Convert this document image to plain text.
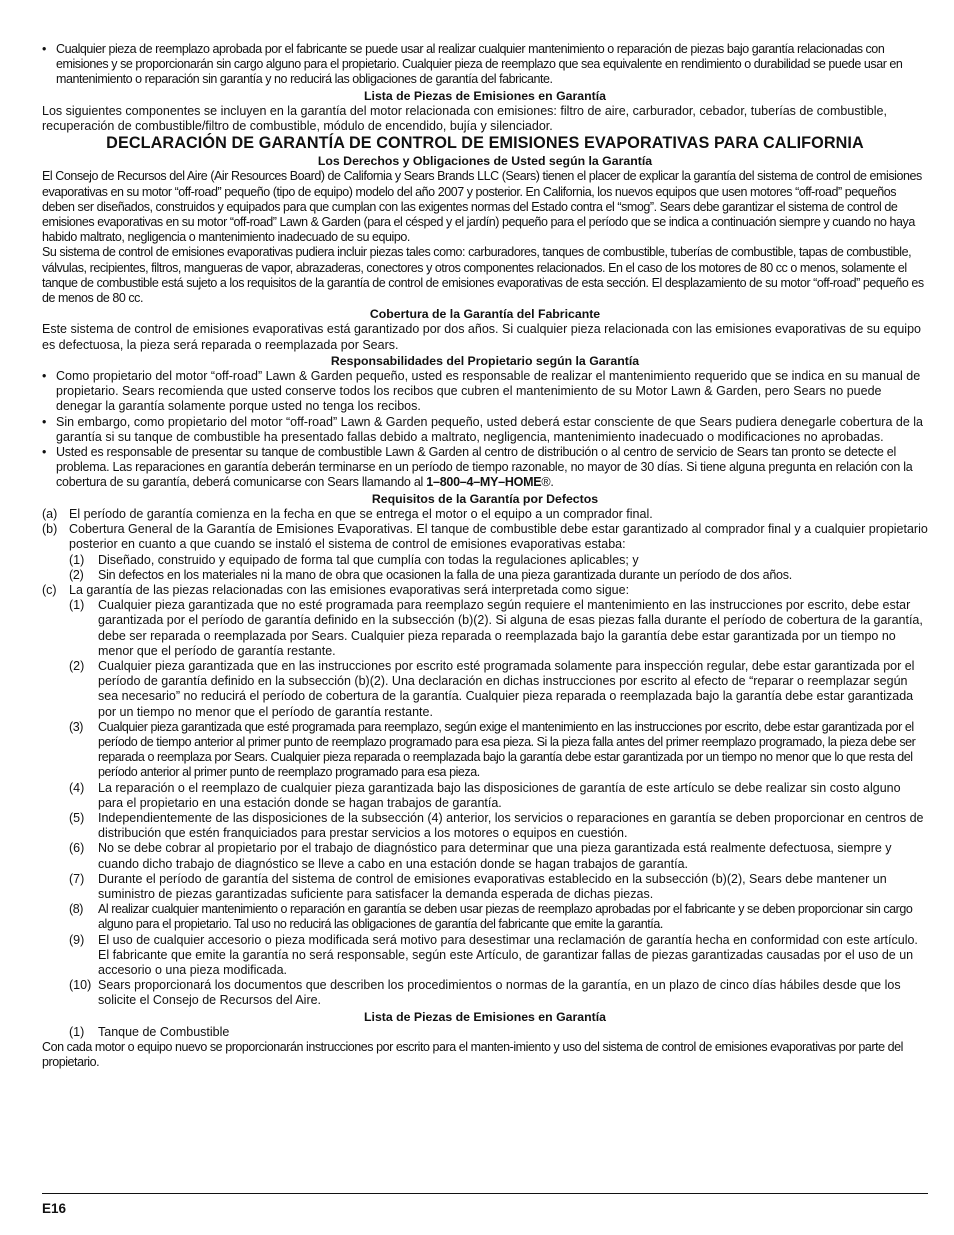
• Cualquier pieza de reemplazo aprobada por el fabricante se puede usar al realizar cualquier mantenimiento o reparación de piezas bajo garantía relacionadas con emisiones y se proporcionarán sin cargo alguno para el propietario. Cualquier pieza de reemplazo que sea equivalente en rendimiento o durabilidad se puede usar en mantenimiento o reparación sin garantía y no reducirá las obligaciones de garantía del fabricante.

Lista de Piezas de Emisiones en Garantía

Los siguientes componentes se incluyen en la garantía del motor relacionada con emisiones: filtro de aire, carburador, cebador, tuberías de combustible, recuperación de combustible/filtro de combustible, módulo de encendido, bujía y silenciador.

DECLARACIÓN DE GARANTÍA DE CONTROL DE EMISIONES EVAPORATIVAS PARA CALIFORNIA

Los Derechos y Obligaciones de Usted según la Garantía

El Consejo de Recursos del Aire (Air Resources Board) de California y Sears Brands LLC (Sears) tienen el placer de explicar la garantía del sistema de control de emisiones evaporativas en su motor “off-road” pequeño (tipo de equipo) modelo del año 2007 y posterior. En California, los nuevos equipos que usen motores “off-road” pequeños deben ser diseñados, construidos y equipados para que cumplan con las exigentes normas del Estado contra el “smog”. Sears debe garantizar el sistema de control de emisiones evaporativas en su motor “off-road” Lawn & Garden (para el césped y el jardín) pequeño para el período que se indica a continuación siempre y cuando no haya habido maltrato, negligencia o mantenimiento inadecuado de su equipo.

Su sistema de control de emisiones evaporativas pudiera incluir piezas tales como: carburadores, tanques de combustible, tuberías de combustible, tapas de combustible, válvulas, recipientes, filtros, mangueras de vapor, abrazaderas, conectores y otros componentes relacionados. En el caso de los motores de 80 cc o menos, solamente el tanque de combustible está sujeto a los requisitos de la garantía de control de emisiones evaporativas de esta sección. El desplazamiento de su motor “off-road” pequeño es de menos de 80 cc.

Cobertura de la Garantía del Fabricante

Este sistema de control de emisiones evaporativas está garantizado por dos años. Si cualquier pieza relacionada con las emisiones evaporativas de su equipo es defectuosa, la pieza será reparada o reemplazada por Sears.

Responsabilidades del Propietario según la Garantía

• Como propietario del motor “off-road” Lawn & Garden pequeño, usted es responsable de realizar el mantenimiento requerido que se indica en su manual de propietario. Sears recomienda que usted conserve todos los recibos que cubren el mantenimiento de su Motor Lawn & Garden, pero Sears no puede denegar la garantía solamente porque usted no tenga los recibos.

• Sin embargo, como propietario del motor “off-road” Lawn & Garden pequeño, usted deberá estar consciente de que Sears pudiera denegarle cobertura de la garantía si su tanque de combustible ha presentado fallas debido a maltrato, negligencia, mantenimiento inadecuado o modificaciones no aprobadas.

• Usted es responsable de presentar su tanque de combustible Lawn & Garden al centro de distribución o al centro de servicio de Sears tan pronto se detecte el problema. Las reparaciones en garantía deberán terminarse en un período de tiempo razonable, no mayor de 30 días. Si tiene alguna pregunta en relación con la cobertura de su garantía, deberá comunicarse con Sears llamando al 1–800–4–MY–HOME®.

Requisitos de la Garantía por Defectos

(a) El período de garantía comienza en la fecha en que se entrega el motor o el equipo a un comprador final.

(b) Cobertura General de la Garantía de Emisiones Evaporativas. El tanque de combustible debe estar garantizado al comprador final y a cualquier propietario posterior en cuanto a que cuando se instaló el sistema de control de emisiones evaporativas estaba:

(1) Diseñado, construido y equipado de forma tal que cumplía con todas la regulaciones aplicables; y

(2) Sin defectos en los materiales ni la mano de obra que ocasionen la falla de una pieza garantizada durante un período de dos años.

(c) La garantía de las piezas relacionadas con las emisiones evaporativas será interpretada como sigue:

(1) Cualquier pieza garantizada que no esté programada para reemplazo según requiere el mantenimiento en las instrucciones por escrito, debe estar garantizada por el período de garantía definido en la subsección (b)(2). Si alguna de esas piezas falla durante el período de cobertura de la garantía, debe ser reparada o reemplazada por Sears. Cualquier pieza reparada o reemplazada bajo la garantía debe estar garantizada por un tiempo no menor que el período de garantía restante.

(2) Cualquier pieza garantizada que en las instrucciones por escrito esté programada solamente para inspección regular, debe estar garantizada por el período de garantía definido en la subsección (b)(2). Una declaración en dichas instrucciones por escrito al efecto de “reparar o reemplazar según sea necesario” no reducirá el período de cobertura de la garantía. Cualquier pieza reparada o reemplazada bajo la garantía debe estar garantizada por un tiempo no menor que el período de garantía restante.

(3) Cualquier pieza garantizada que esté programada para reemplazo, según exige el mantenimiento en las instrucciones por escrito, debe estar garantizada por el período de tiempo anterior al primer punto de reemplazo programado para esa pieza. Si la pieza falla antes del primer reemplazo programado, la pieza debe ser reparada o reemplaza por Sears. Cualquier pieza reparada o reemplazada bajo la garantía debe estar garantizada por un tiempo no menor que lo que resta del período anterior al primer punto de reemplazo programado para esa pieza.

(4) La reparación o el reemplazo de cualquier pieza garantizada bajo las disposiciones de garantía de este artículo se debe realizar sin costo alguno para el propietario en una estación donde se hagan trabajos de garantía.

(5) Independientemente de las disposiciones de la subsección (4) anterior, los servicios o reparaciones en garantía se deben proporcionar en centros de distribución que estén franquiciados para prestar servicios a los motores o equipos en cuestión.

(6) No se debe cobrar al propietario por el trabajo de diagnóstico para determinar que una pieza garantizada está realmente defectuosa, siempre y cuando dicho trabajo de diagnóstico se lleve a cabo en una estación donde se hagan trabajos de garantía.

(7) Durante el período de garantía del sistema de control de emisiones evaporativas establecido en la subsección (b)(2), Sears debe mantener un suministro de piezas garantizadas suficiente para satisfacer la demanda esperada de dichas piezas.

(8) Al realizar cualquier mantenimiento o reparación en garantía se deben usar piezas de reemplazo aprobadas por el fabricante y se deben proporcionar sin cargo alguno para el propietario. Tal uso no reducirá las obligaciones de garantía del fabricante que emite la garantía.

(9) El uso de cualquier accesorio o pieza modificada será motivo para desestimar una reclamación de garantía hecha en conformidad con este artículo. El fabricante que emite la garantía no será responsable, según este Artículo, de garantizar fallas de piezas garantizadas causadas por el uso de un accesorio o una pieza modificada.

(10) Sears proporcionará los documentos que describen los procedimientos o normas de la garantía, en un plazo de cinco días hábiles desde que los solicite el Consejo de Recursos del Aire.

Lista de Piezas de Emisiones en Garantía

(1) Tanque de Combustible

Con cada motor o equipo nuevo se proporcionarán instrucciones por escrito para el manten-imiento y uso del sistema de control de emisiones evaporativas por parte del propietario.

E16
